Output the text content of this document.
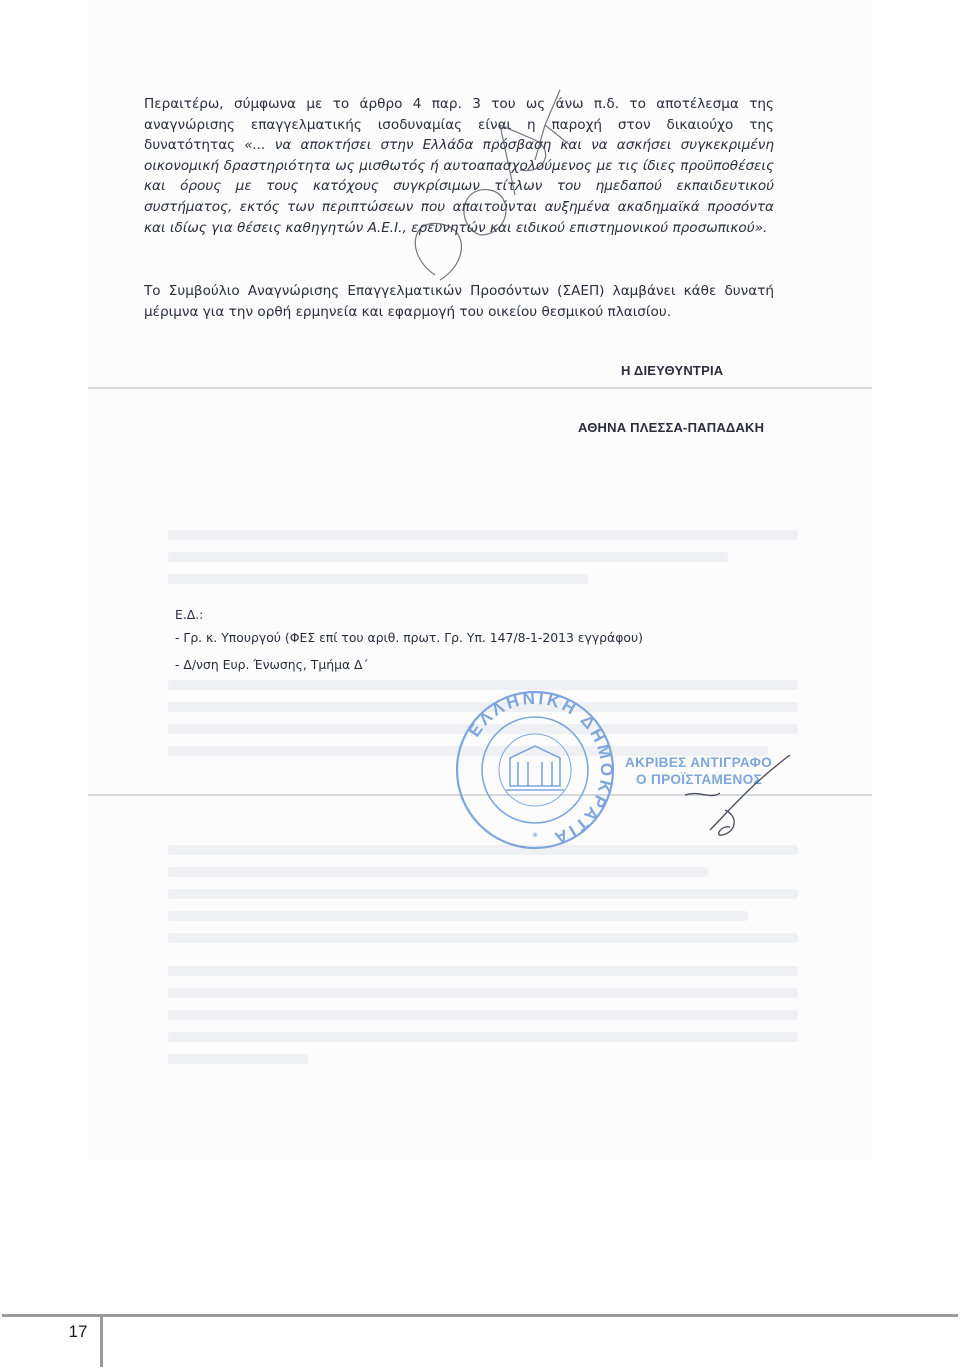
Περαιτέρω, σύμφωνα με το άρθρο 4 παρ. 3 του ως άνω π.δ. το αποτέλεσμα της αναγνώρισης επαγγελματικής ισοδυναμίας είναι η παροχή στον δικαιούχο της δυνατότητας «... να αποκτήσει στην Ελλάδα πρόσβαση και να ασκήσει συγκεκριμένη οικονομική δραστηριότητα ως μισθωτός ή αυτοαπασχολούμενος με τις ίδιες προϋποθέσεις και όρους με τους κατόχους συγκρίσιμων τίτλων του ημεδαπού εκπαιδευτικού συστήματος, εκτός των περιπτώσεων που απαιτούνται αυξημένα ακαδημαϊκά προσόντα και ιδίως για θέσεις καθηγητών Α.Ε.Ι., ερευνητών και ειδικού επιστημονικού προσωπικού».

Το Συμβούλιο Αναγνώρισης Επαγγελματικών Προσόντων (ΣΑΕΠ) λαμβάνει κάθε δυνατή μέριμνα για την ορθή ερμηνεία και εφαρμογή του οικείου θεσμικού πλαισίου.

Η ΔΙΕΥΘΥΝΤΡΙΑ
ΑΘΗΝΑ ΠΛΕΣΣΑ-ΠΑΠΑΔΑΚΗ
Ε.Δ.:
- Γρ. κ. Υπουργού (ΦΕΣ επί του αριθ. πρωτ. Γρ. Υπ. 147/8-1-2013 εγγράφου)
- Δ/νση Ευρ. Ένωσης, Τμήμα Δ΄
ΕΛΛΗΝΙΚΗ ΔΗΜΟΚΡΑΤΙΑ
*
ΑΚΡΙΒΕΣ ΑΝΤΙΓΡΑΦΟ
Ο ΠΡΟΪΣΤΑΜΕΝΟΣ
17
